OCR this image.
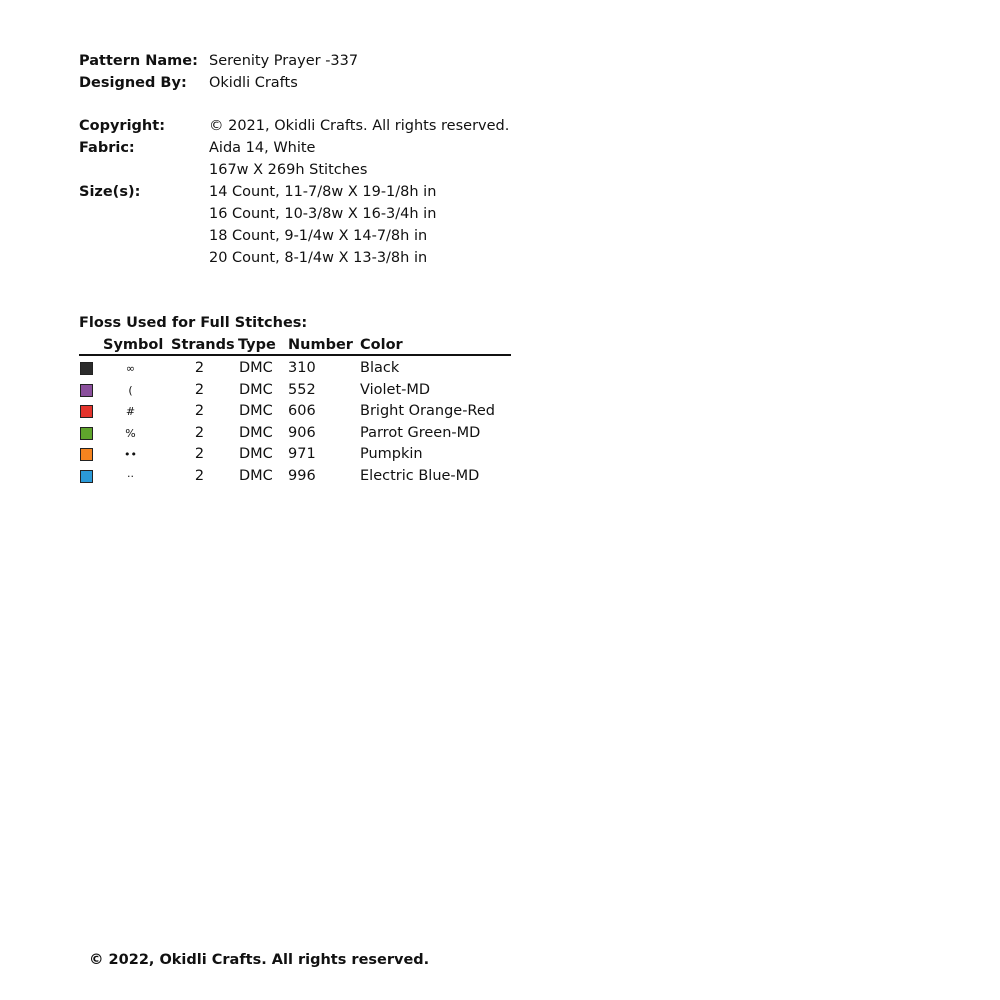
Pattern Name: Serenity Prayer -337
Designed By: Okidli Crafts
Copyright:	© 2021, Okidli Crafts. All rights reserved.
Fabric:	Aida 14, White
167w X 269h Stitches
Size(s):	14 Count, 11-7/8w X 19-1/8h in
16 Count, 10-3/8w X 16-3/4h in
18 Count, 9-1/4w X 14-7/8h in
20 Count, 8-1/4w X 13-3/8h in
Floss Used for Full Stitches:
Symbol Strands Type Number Color
∞	2	DMC 310	Black
(	2	DMC 552	Violet-MD
#	2	DMC 606	Bright Orange-Red
%	2	DMC 906	Parrot Green-MD
••	2	DMC 971	Pumpkin
··	2	DMC 996	Electric Blue-MD
© 2022, Okidli Crafts. All rights reserved.
